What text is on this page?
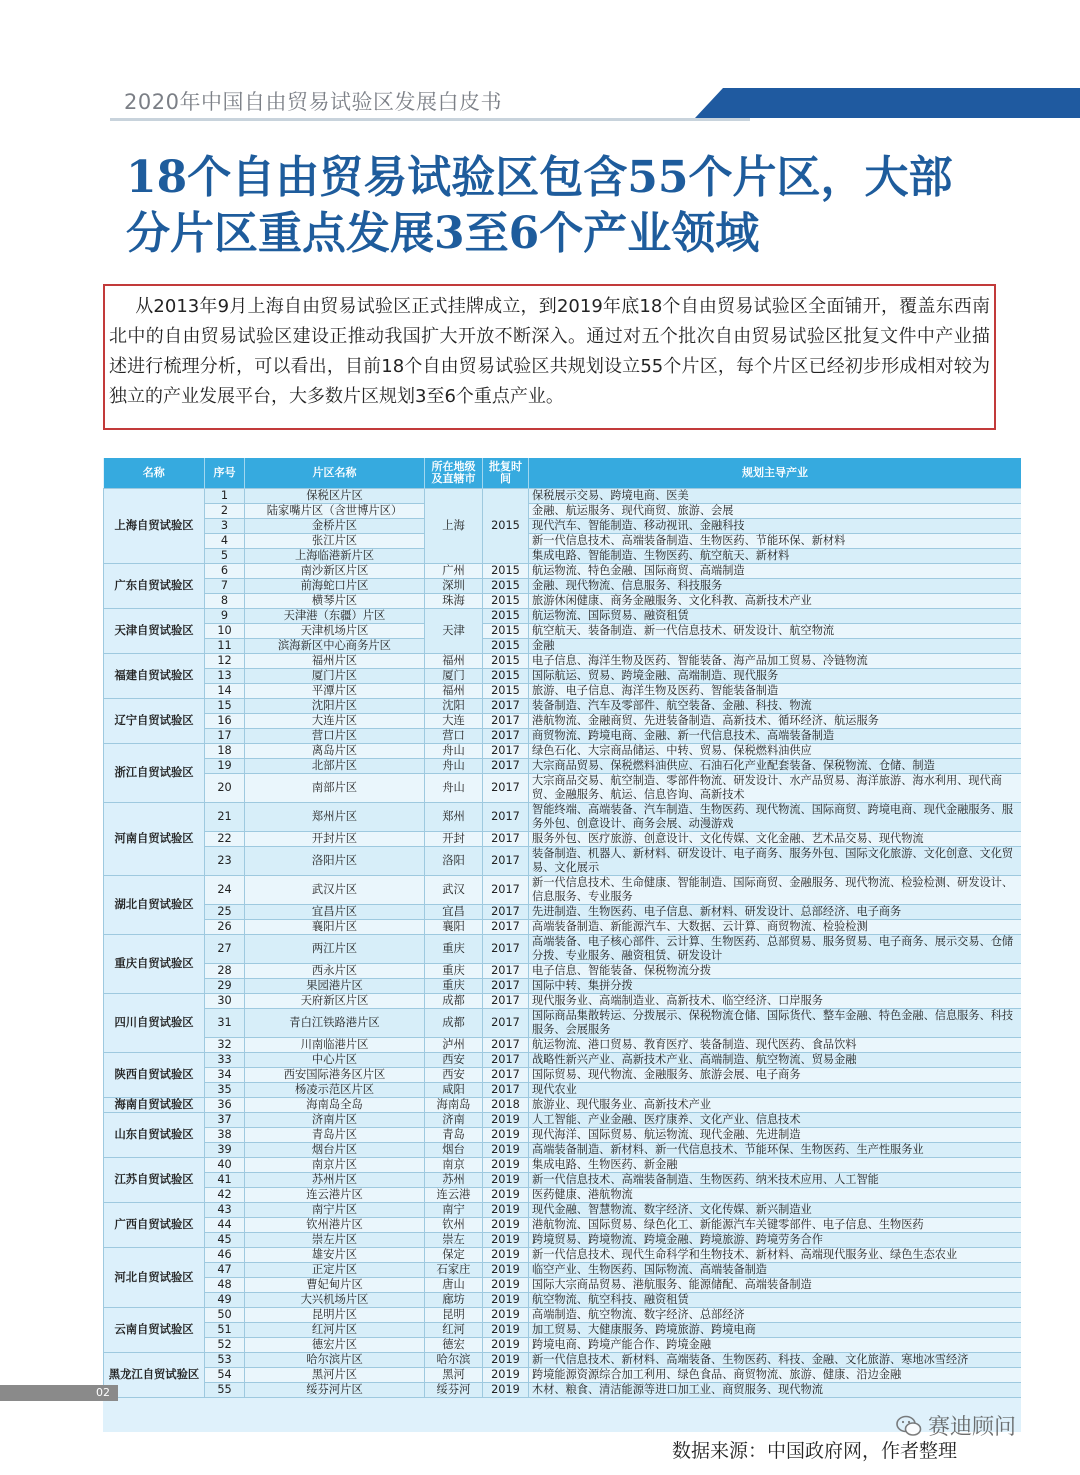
2020年中国自由贸易试验区发展白皮书
18个自由贸易试验区包含55个片区，大部
分片区重点发展3至6个产业领域
从2013年9月上海自由贸易试验区正式挂牌成立，到2019年底18个自由贸易试验区全面铺开，覆盖东西南北中的自由贸易试验区建设正推动我国扩大开放不断深入。通过对五个批次自由贸易试验区批复文件中产业描述进行梳理分析，可以看出，目前18个自由贸易试验区共规划设立55个片区，每个片区已经初步形成相对较为独立的产业发展平台，大多数片区规划3至6个重点产业。
名称	序号	片区名称	所在地级及直辖市	批复时间	规划主导产业
上海自贸试验区	1	保税区片区	上海	2015	保税展示交易、跨境电商、医美
	2	陆家嘴片区（含世博片区）			金融、航运服务、现代商贸、旅游、会展
	3	金桥片区			现代汽车、智能制造、移动视讯、金融科技
	4	张江片区			新一代信息技术、高端装备制造、生物医药、节能环保、新材料
	5	上海临港新片区			集成电路、智能制造、生物医药、航空航天、新材料
广东自贸试验区	6	南沙新区片区	广州	2015	航运物流、特色金融、国际商贸、高端制造
	7	前海蛇口片区	深圳	2015	金融、现代物流、信息服务、科技服务
	8	横琴片区	珠海	2015	旅游休闲健康、商务金融服务、文化科教、高新技术产业
天津自贸试验区	9	天津港（东疆）片区	天津	2015	航运物流、国际贸易、融资租赁
	10	天津机场片区		2015	航空航天、装备制造、新一代信息技术、研发设计、航空物流
	11	滨海新区中心商务片区		2015	金融
福建自贸试验区	12	福州片区	福州	2015	电子信息、海洋生物及医药、智能装备、海产品加工贸易、冷链物流
	13	厦门片区	厦门	2015	国际航运、贸易、跨境金融、高端制造、现代服务
	14	平潭片区	福州	2015	旅游、电子信息、海洋生物及医药、智能装备制造
辽宁自贸试验区	15	沈阳片区	沈阳	2017	装备制造、汽车及零部件、航空装备、金融、科技、物流
	16	大连片区	大连	2017	港航物流、金融商贸、先进装备制造、高新技术、循环经济、航运服务
	17	营口片区	营口	2017	商贸物流、跨境电商、金融、新一代信息技术、高端装备制造
浙江自贸试验区	18	离岛片区	舟山	2017	绿色石化、大宗商品储运、中转、贸易、保税燃料油供应
	19	北部片区	舟山	2017	大宗商品贸易、保税燃料油供应、石油石化产业配套装备、保税物流、仓储、制造
	20	南部片区	舟山	2017	大宗商品交易、航空制造、零部件物流、研发设计、水产品贸易、海洋旅游、海水利用、现代商贸、金融服务、航运、信息咨询、高新技术
河南自贸试验区	21	郑州片区	郑州	2017	智能终端、高端装备、汽车制造、生物医药、现代物流、国际商贸、跨境电商、现代金融服务、服务外包、创意设计、商务会展、动漫游戏
	22	开封片区	开封	2017	服务外包、医疗旅游、创意设计、文化传媒、文化金融、艺术品交易、现代物流
	23	洛阳片区	洛阳	2017	装备制造、机器人、新材料、研发设计、电子商务、服务外包、国际文化旅游、文化创意、文化贸易、文化展示
湖北自贸试验区	24	武汉片区	武汉	2017	新一代信息技术、生命健康、智能制造、国际商贸、金融服务、现代物流、检验检测、研发设计、信息服务、专业服务
	25	宜昌片区	宜昌	2017	先进制造、生物医药、电子信息、新材料、研发设计、总部经济、电子商务
	26	襄阳片区	襄阳	2017	高端装备制造、新能源汽车、大数据、云计算、商贸物流、检验检测
重庆自贸试验区	27	两江片区	重庆	2017	高端装备、电子核心部件、云计算、生物医药、总部贸易、服务贸易、电子商务、展示交易、仓储分拨、专业服务、融资租赁、研发设计
	28	西永片区	重庆	2017	电子信息、智能装备、保税物流分拨
	29	果园港片区	重庆	2017	国际中转、集拼分拨
四川自贸试验区	30	天府新区片区	成都	2017	现代服务业、高端制造业、高新技术、临空经济、口岸服务
	31	青白江铁路港片区	成都	2017	国际商品集散转运、分拨展示、保税物流仓储、国际货代、整车金融、特色金融、信息服务、科技服务、会展服务
	32	川南临港片区	泸州	2017	航运物流、港口贸易、教育医疗、装备制造、现代医药、食品饮料
陕西自贸试验区	33	中心片区	西安	2017	战略性新兴产业、高新技术产业、高端制造、航空物流、贸易金融
	34	西安国际港务区片区	西安	2017	国际贸易、现代物流、金融服务、旅游会展、电子商务
	35	杨凌示范区片区	咸阳	2017	现代农业
海南自贸试验区	36	海南岛全岛	海南岛	2018	旅游业、现代服务业、高新技术产业
山东自贸试验区	37	济南片区	济南	2019	人工智能、产业金融、医疗康养、文化产业、信息技术
	38	青岛片区	青岛	2019	现代海洋、国际贸易、航运物流、现代金融、先进制造
	39	烟台片区	烟台	2019	高端装备制造、新材料、新一代信息技术、节能环保、生物医药、生产性服务业
江苏自贸试验区	40	南京片区	南京	2019	集成电路、生物医药、新金融
	41	苏州片区	苏州	2019	新一代信息技术、高端装备制造、生物医药、纳米技术应用、人工智能
	42	连云港片区	连云港	2019	医药健康、港航物流
广西自贸试验区	43	南宁片区	南宁	2019	现代金融、智慧物流、数字经济、文化传媒、新兴制造业
	44	钦州港片区	钦州	2019	港航物流、国际贸易、绿色化工、新能源汽车关键零部件、电子信息、生物医药
	45	崇左片区	崇左	2019	跨境贸易、跨境物流、跨境金融、跨境旅游、跨境劳务合作
河北自贸试验区	46	雄安片区	保定	2019	新一代信息技术、现代生命科学和生物技术、新材料、高端现代服务业、绿色生态农业
	47	正定片区	石家庄	2019	临空产业、生物医药、国际物流、高端装备制造
	48	曹妃甸片区	唐山	2019	国际大宗商品贸易、港航服务、能源储配、高端装备制造
	49	大兴机场片区	廊坊	2019	航空物流、航空科技、融资租赁
云南自贸试验区	50	昆明片区	昆明	2019	高端制造、航空物流、数字经济、总部经济
	51	红河片区	红河	2019	加工贸易、大健康服务、跨境旅游、跨境电商
	52	德宏片区	德宏	2019	跨境电商、跨境产能合作、跨境金融
黑龙江自贸试验区	53	哈尔滨片区	哈尔滨	2019	新一代信息技术、新材料、高端装备、生物医药、科技、金融、文化旅游、寒地冰雪经济
	54	黑河片区	黑河	2019	跨境能源资源综合加工利用、绿色食品、商贸物流、旅游、健康、沿边金融
	55	绥芬河片区	绥芬河	2019	木材、粮食、清洁能源等进口加工业、商贸服务、现代物流
02
数据来源：中国政府网，作者整理
赛迪顾问
